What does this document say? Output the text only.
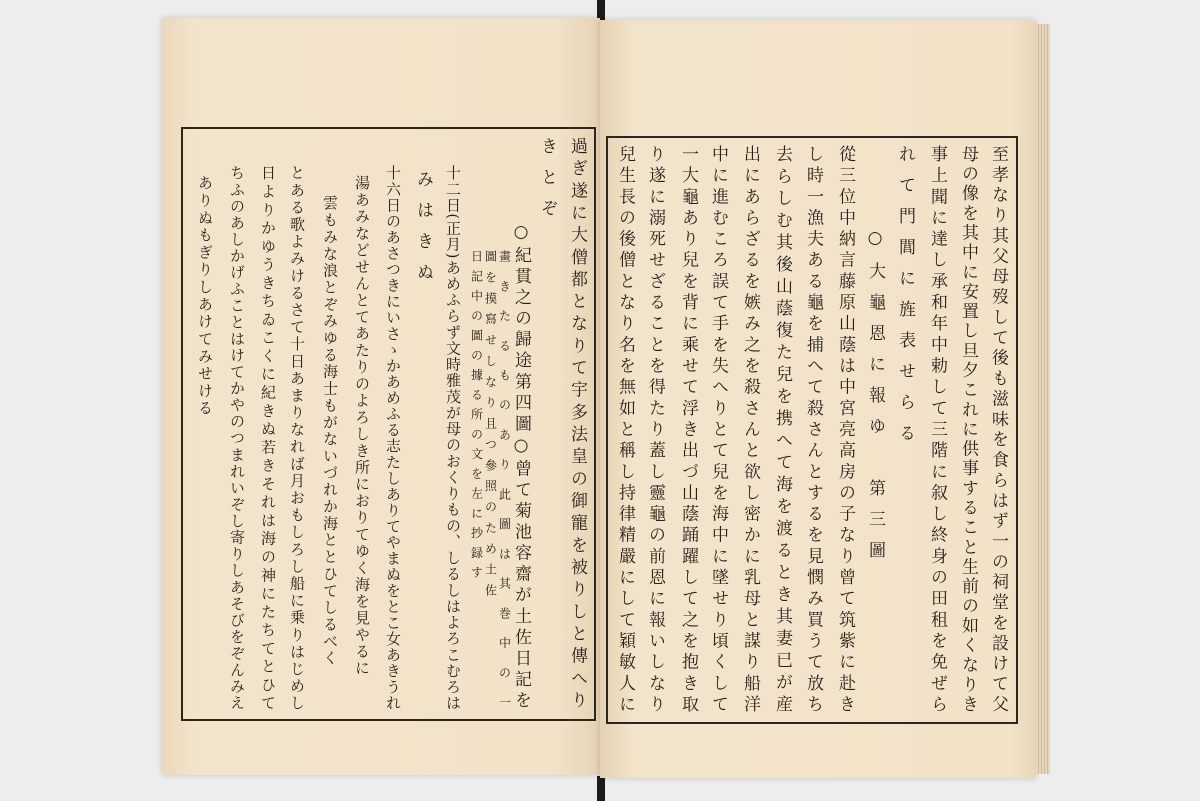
至孝なり其父母歿して後も滋味を食らはず一の祠堂を設けて父
母の像を其中に安置し旦夕これに供事すること生前の如くなりき
事上聞に達し承和年中勅して三階に叙し終身の田租を免ぜら
れて門閭に旌表せらる
○大龜恩に報ゆ　第三圖
從三位中納言藤原山蔭は中宮亮高房の子なり曾て筑紫に赴き
し時一漁夫ある龜を捕へて殺さんとするを見憫み買うて放ち
去らしむ其後山蔭復た兒を携へて海を渡るとき其妻已が産
出にあらざるを嫉み之を殺さんと欲し密かに乳母と謀り船洋
中に進むころ誤て手を失へりとて兒を海中に墜せり頃くして
一大龜あり兒を背に乘せて浮き出づ山蔭踊躍して之を抱き取
り遂に溺死せざることを得たり蓋し靈龜の前恩に報いしなり
兒生長の後僧となり名を無如と稱し持律精嚴にして穎敏人に
過ぎ遂に大僧都となりて宇多法皇の御寵を被りしと傳へり
きとぞ
○紀貫之の歸途第四圖○曾て菊池容齋が土佐日記を
畫きたるものあり此圖は其巻中の一
圖を摸寫せしなり且つ參照のため土佐
日記中の圖の據る所の文を左に抄録す
十二日(正月)あめふらず文時雅茂が母のおくりもの、しるしはよろこむろは
みはきぬ
十六日のあさつきにいさゝかあめふる志たしありてやまぬをとこ女あきうれ
湯あみなどせんとてあたりのよろしき所におりてゆく海を見やるに
雲もみな浪とぞみゆる海士もがないづれか海ととひてしるべく
とある歌よみけるさて十日あまりなれば月おもしろし船に乗りはじめし
日よりかゆうきちゐこくに紀きぬ若きそれは海の神にたちてとひて
ちふのあしかげふことはけてかやのつまれいぞし寄りしあそびをぞんみえ
ありぬもぎりしあけてみせける
